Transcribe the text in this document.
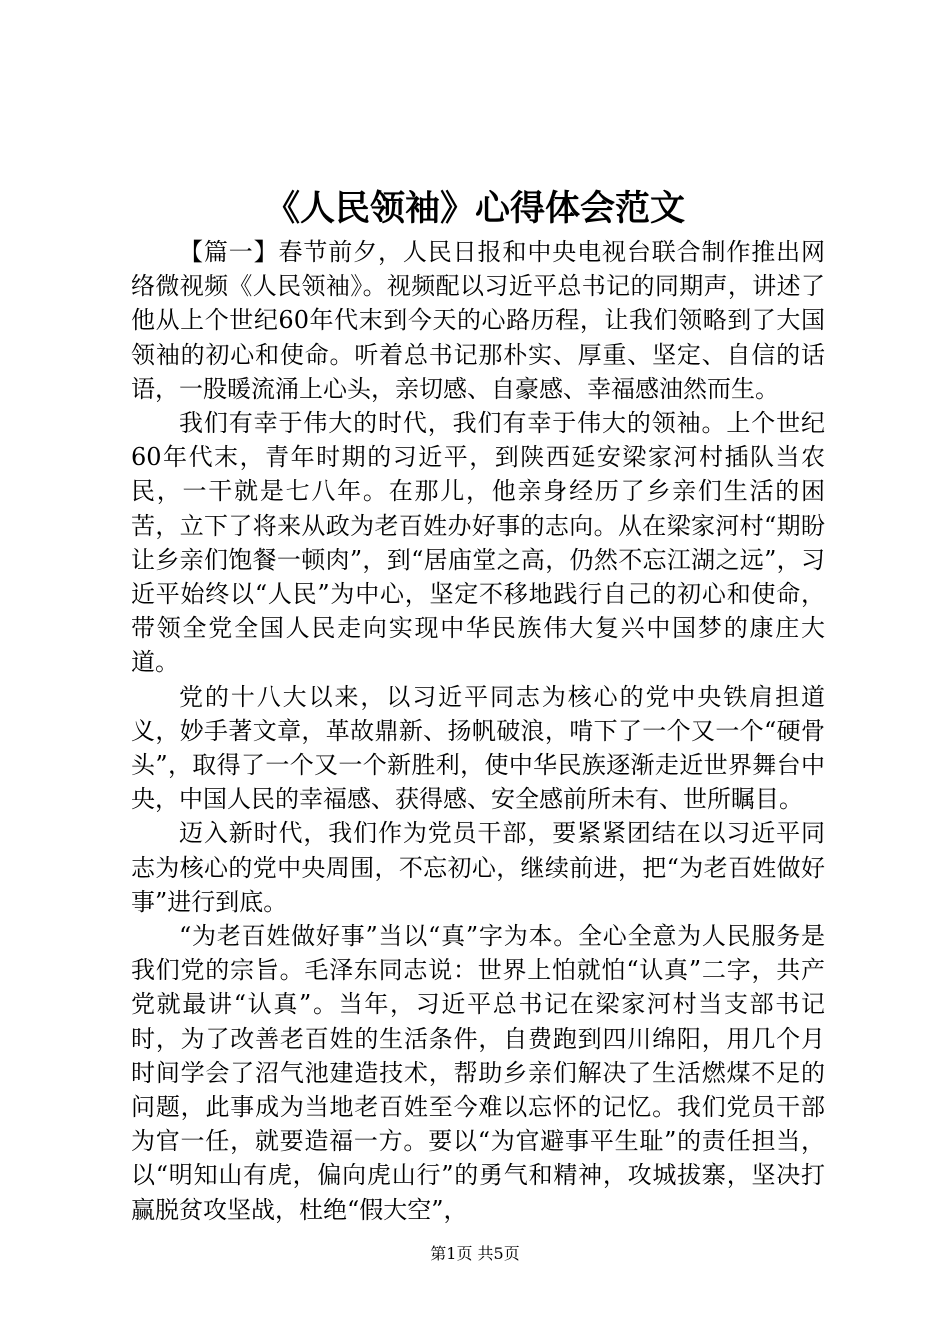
《人民领袖》心得体会范文

【篇一】春节前夕，人民日报和中央电视台联合制作推出网络微视频《人民领袖》。视频配以习近平总书记的同期声，讲述了他从上个世纪60年代末到今天的心路历程，让我们领略到了大国领袖的初心和使命。听着总书记那朴实、厚重、坚定、自信的话语，一股暖流涌上心头，亲切感、自豪感、幸福感油然而生。

我们有幸于伟大的时代，我们有幸于伟大的领袖。上个世纪60年代末，青年时期的习近平，到陕西延安梁家河村插队当农民，一干就是七八年。在那儿，他亲身经历了乡亲们生活的困苦，立下了将来从政为老百姓办好事的志向。从在梁家河村“期盼让乡亲们饱餐一顿肉”，到“居庙堂之高，仍然不忘江湖之远”，习近平始终以“人民”为中心，坚定不移地践行自己的初心和使命，带领全党全国人民走向实现中华民族伟大复兴中国梦的康庄大道。

党的十八大以来，以习近平同志为核心的党中央铁肩担道义，妙手著文章，革故鼎新、扬帆破浪，啃下了一个又一个“硬骨头”，取得了一个又一个新胜利，使中华民族逐渐走近世界舞台中央，中国人民的幸福感、获得感、安全感前所未有、世所瞩目。

迈入新时代，我们作为党员干部，要紧紧团结在以习近平同志为核心的党中央周围，不忘初心，继续前进，把“为老百姓做好事”进行到底。

“为老百姓做好事”当以“真”字为本。全心全意为人民服务是我们党的宗旨。毛泽东同志说：世界上怕就怕“认真”二字，共产党就最讲“认真”。当年，习近平总书记在梁家河村当支部书记时，为了改善老百姓的生活条件，自费跑到四川绵阳，用几个月时间学会了沼气池建造技术，帮助乡亲们解决了生活燃煤不足的问题，此事成为当地老百姓至今难以忘怀的记忆。我们党员干部为官一任，就要造福一方。要以“为官避事平生耻”的责任担当，以“明知山有虎，偏向虎山行”的勇气和精神，攻城拔寨，坚决打赢脱贫攻坚战，杜绝“假大空”，

第1页 共5页
